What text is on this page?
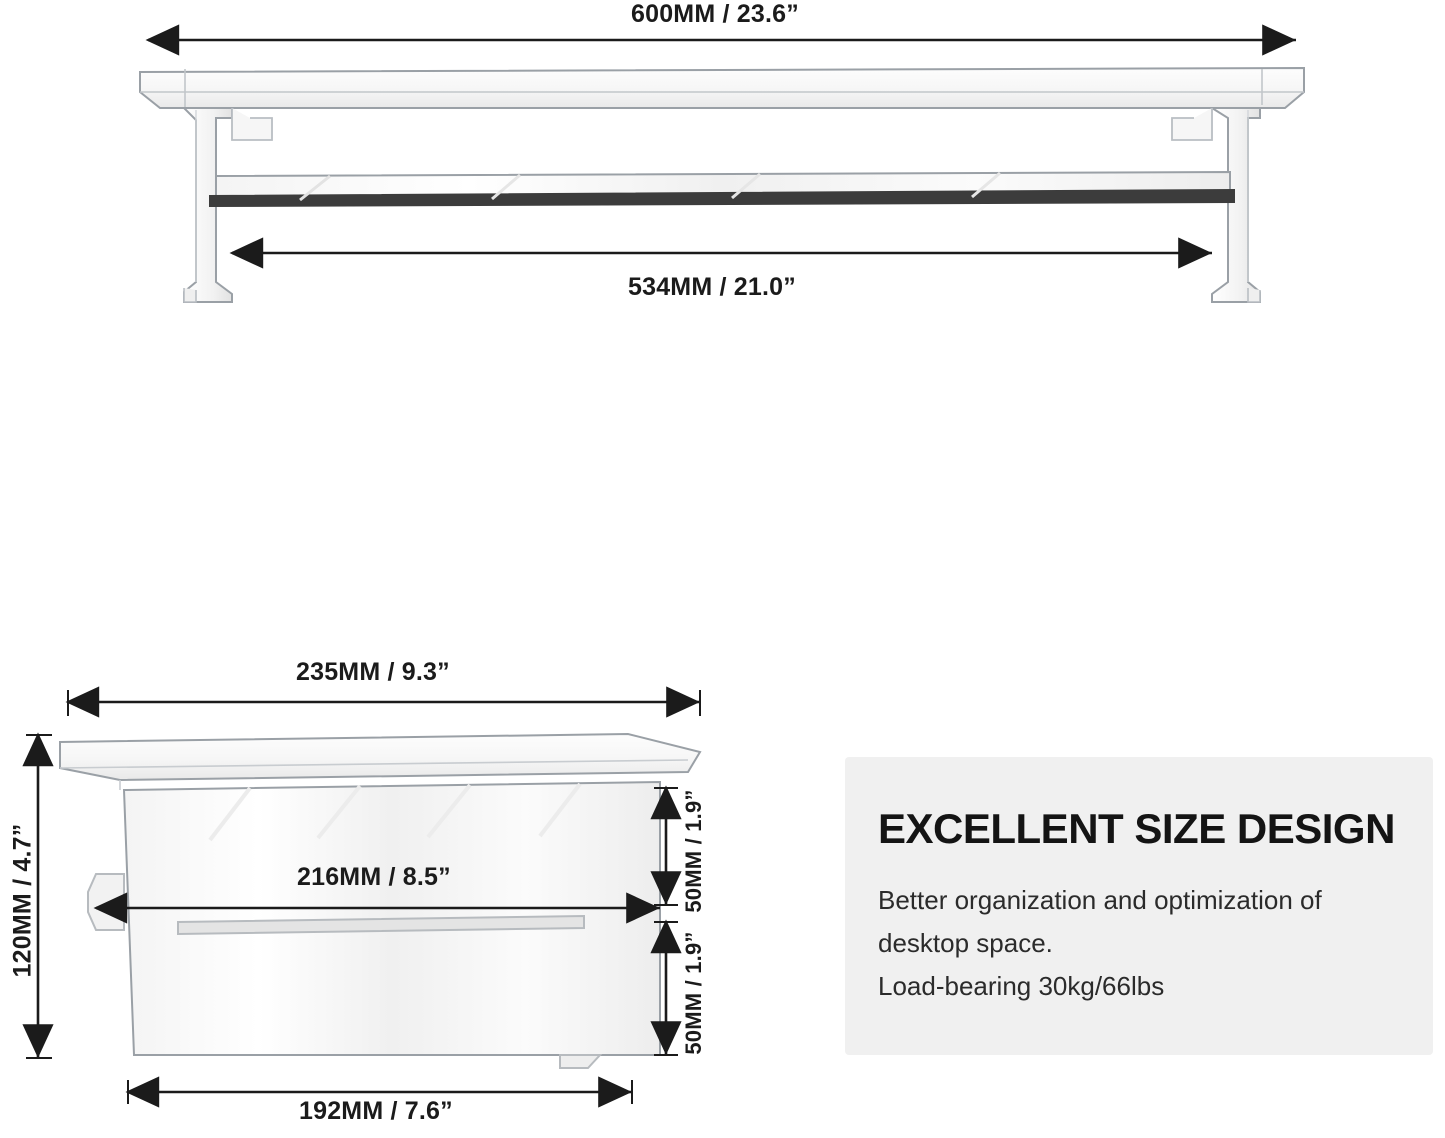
600MM / 23.6”
534MM / 21.0”
235MM / 9.3”
216MM / 8.5”
192MM / 7.6”
120MM / 4.7”	50MM / 1.9”
50MM / 1.9”
EXCELLENT SIZE DESIGN
Better organization and optimization of
desktop space.
Load-bearing 30kg/66lbs
